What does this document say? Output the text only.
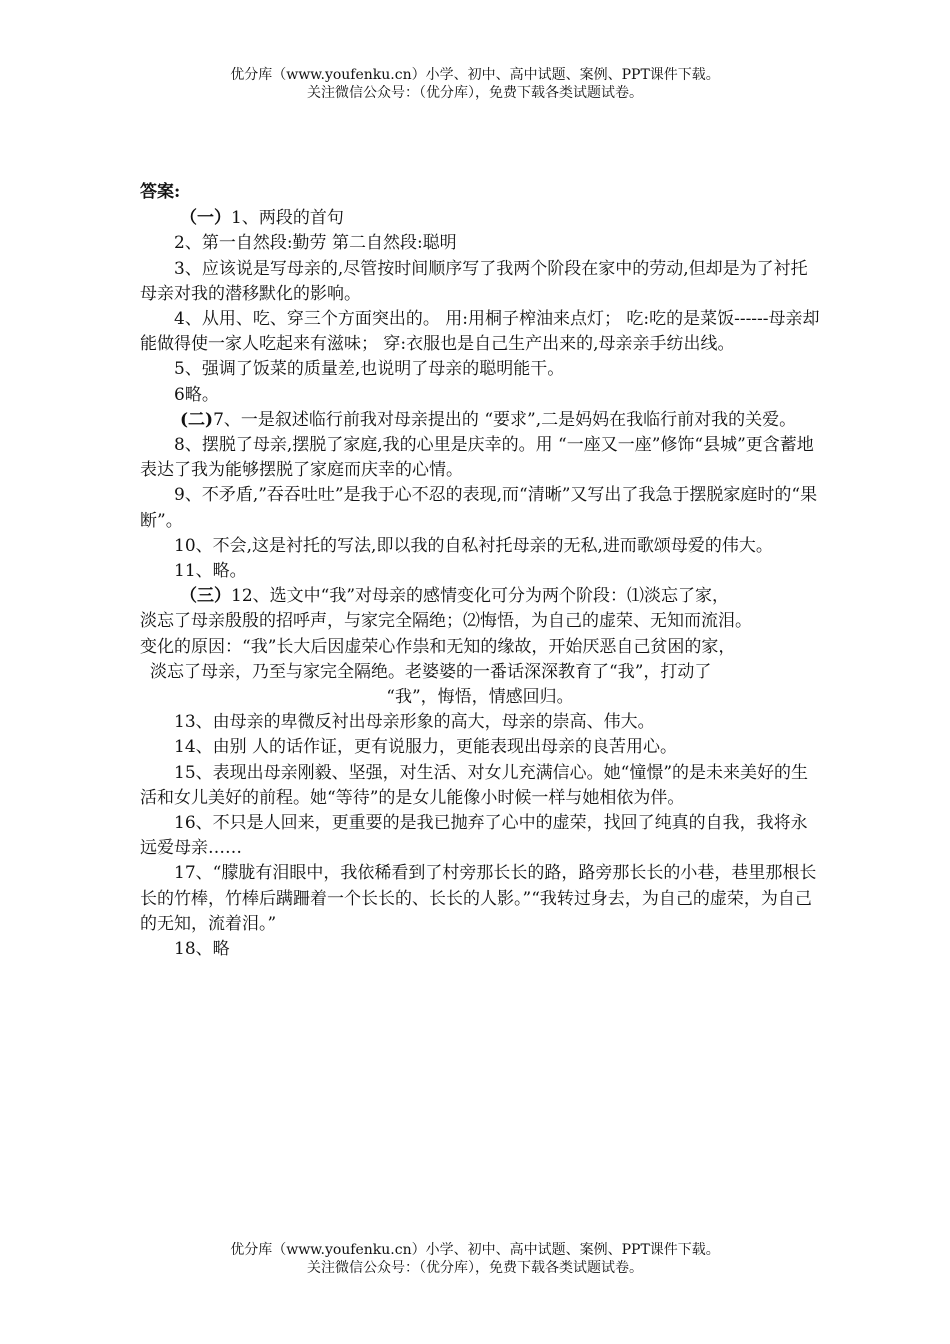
优分库（www.youfenku.cn）小学、初中、高中试题、案例、PPT课件下载。
关注微信公众号：（优分库），免费下载各类试题试卷。

答案:

（一）1、两段的首句

2、第一自然段:勤劳 第二自然段:聪明

3、应该说是写母亲的,尽管按时间顺序写了我两个阶段在家中的劳动,但却是为了衬托母亲对我的潜移默化的影响。

4、从用、吃、穿三个方面突出的。 用:用桐子榨油来点灯； 吃:吃的是菜饭------母亲却能做得使一家人吃起来有滋味； 穿:衣服也是自己生产出来的,母亲亲手纺出线。

5、强调了饭菜的质量差,也说明了母亲的聪明能干。

6略。

(二)7、一是叙述临行前我对母亲提出的 “要求”,二是妈妈在我临行前对我的关爱。

8、摆脱了母亲,摆脱了家庭,我的心里是庆幸的。用 “一座又一座”修饰“县城”更含蓄地表达了我为能够摆脱了家庭而庆幸的心情。

9、不矛盾,”吞吞吐吐”是我于心不忍的表现,而“清晰”又写出了我急于摆脱家庭时的“果断”。

10、不会,这是衬托的写法,即以我的自私衬托母亲的无私,进而歌颂母爱的伟大。

11、略。

（三）12、选文中“我”对母亲的感情变化可分为两个阶段：⑴淡忘了家，

淡忘了母亲殷殷的招呼声，与家完全隔绝；⑵悔悟，为自己的虚荣、无知而流泪。

变化的原因：“我”长大后因虚荣心作祟和无知的缘故，开始厌恶自己贫困的家，

淡忘了母亲，乃至与家完全隔绝。老婆婆的一番话深深教育了“我”，打动了

“我”，悔悟，情感回归。

13、由母亲的卑微反衬出母亲形象的高大，母亲的崇高、伟大。

14、由别 人的话作证，更有说服力，更能表现出母亲的良苦用心。

15、表现出母亲刚毅、坚强，对生活、对女儿充满信心。她“憧憬”的是未来美好的生活和女儿美好的前程。她“等待”的是女儿能像小时候一样与她相依为伴。

16、不只是人回来，更重要的是我已抛弃了心中的虚荣，找回了纯真的自我，我将永远爱母亲……

17、“朦胧有泪眼中，我依稀看到了村旁那长长的路，路旁那长长的小巷，巷里那根长长的竹棒，竹棒后蹒跚着一个长长的、长长的人影。”“我转过身去，为自己的虚荣，为自己的无知，流着泪。”

18、略

优分库（www.youfenku.cn）小学、初中、高中试题、案例、PPT课件下载。
关注微信公众号：（优分库），免费下载各类试题试卷。
